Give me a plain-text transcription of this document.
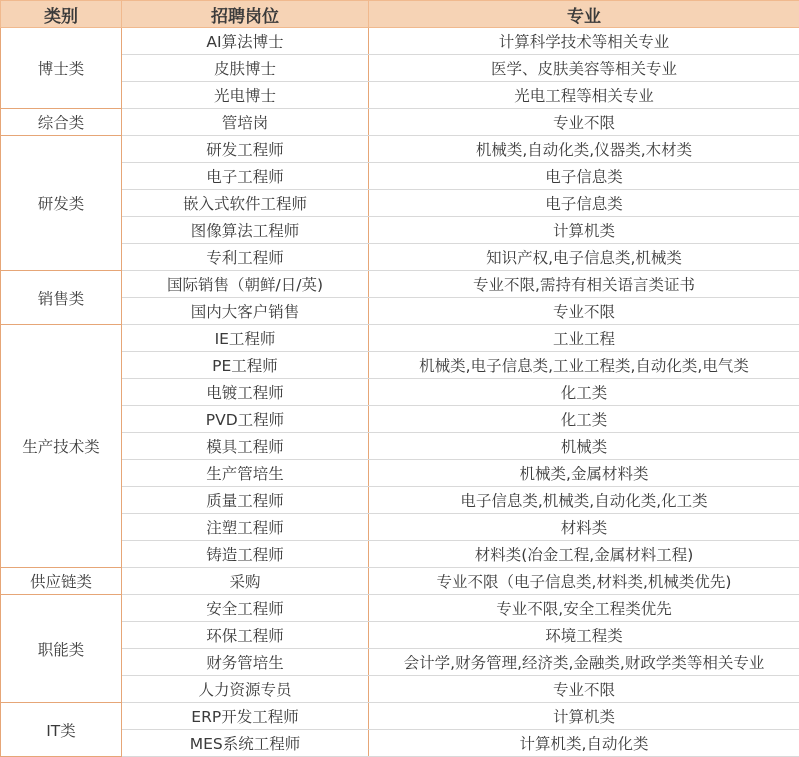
类别	招聘岗位	专业
博士类	AI算法博士	计算科学技术等相关专业
	皮肤博士	医学、皮肤美容等相关专业
	光电博士	光电工程等相关专业
综合类	管培岗	专业不限
研发类	研发工程师	机械类,自动化类,仪器类,木材类
	电子工程师	电子信息类
	嵌入式软件工程师	电子信息类
	图像算法工程师	计算机类
	专利工程师	知识产权,电子信息类,机械类
销售类	国际销售（朝鲜/日/英)	专业不限,需持有相关语言类证书
	国内大客户销售	专业不限
生产技术类	IE工程师	工业工程
	PE工程师	机械类,电子信息类,工业工程类,自动化类,电气类
	电镀工程师	化工类
	PVD工程师	化工类
	模具工程师	机械类
	生产管培生	机械类,金属材料类
	质量工程师	电子信息类,机械类,自动化类,化工类
	注塑工程师	材料类
	铸造工程师	材料类(冶金工程,金属材料工程)
供应链类	采购	专业不限（电子信息类,材料类,机械类优先)
职能类	安全工程师	专业不限,安全工程类优先
	环保工程师	环境工程类
	财务管培生	会计学,财务管理,经济类,金融类,财政学类等相关专业
	人力资源专员	专业不限
IT类	ERP开发工程师	计算机类
	MES系统工程师	计算机类,自动化类
